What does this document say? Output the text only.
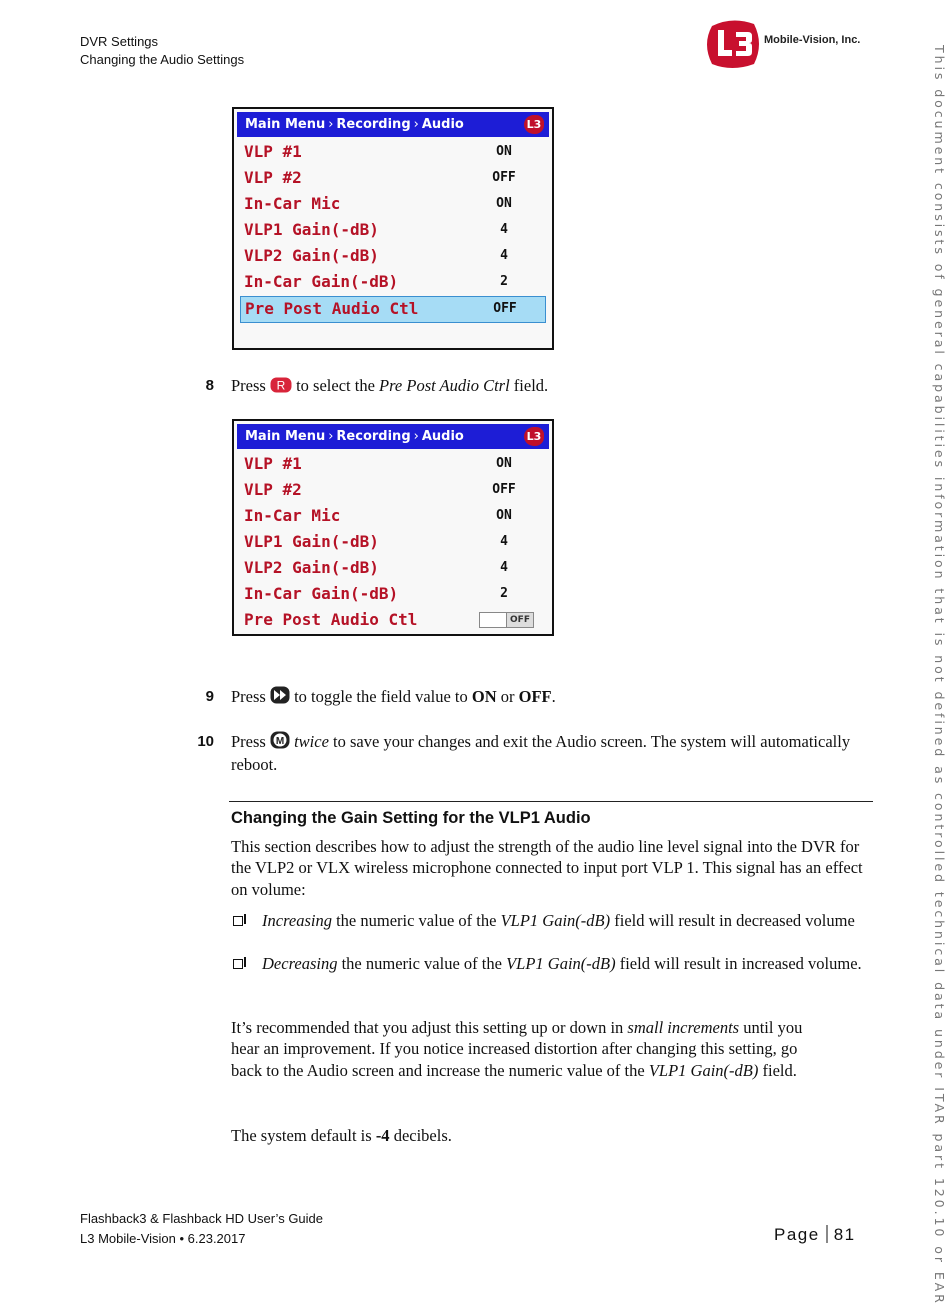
DVR Settings
Changing the Audio Settings
Mobile-Vision, Inc.
This document consists of general capabilities information that is not defined as controlled technical data under ITAR part 120.10 or EAR
Main Menu › Recording › Audio	L3
VLP #1	ON
VLP #2	OFF
In-Car Mic	ON
VLP1 Gain(-dB)	4
VLP2 Gain(-dB)	4
In-Car Gain(-dB)	2
Pre Post Audio Ctl	OFF
8 Press R to select the Pre Post Audio Ctrl field.
Main Menu › Recording › Audio	L3
VLP #1	ON
VLP #2	OFF
In-Car Mic	ON
VLP1 Gain(-dB)	4
VLP2 Gain(-dB)	4
In-Car Gain(-dB)	2
Pre Post Audio Ctl	OFF
9 Press to toggle the field value to ON or OFF.
10 Press M twice to save your changes and exit the Audio screen. The system will automatically reboot.
Changing the Gain Setting for the VLP1 Audio
This section describes how to adjust the strength of the audio line level signal into the DVR for the VLP2 or VLX wireless microphone connected to input port VLP 1. This signal has an effect on volume:
Increasing the numeric value of the VLP1 Gain(-dB) field will result in decreased volume
Decreasing the numeric value of the VLP1 Gain(-dB) field will result in increased volume.
It’s recommended that you adjust this setting up or down in small increments until you hear an improvement. If you notice increased distortion after changing this setting, go back to the Audio screen and increase the numeric value of the VLP1 Gain(-dB) field.
The system default is -4 decibels.
Flashback3 & Flashback HD User’s Guide
L3 Mobile-Vision • 6.23.2017	Page 81
